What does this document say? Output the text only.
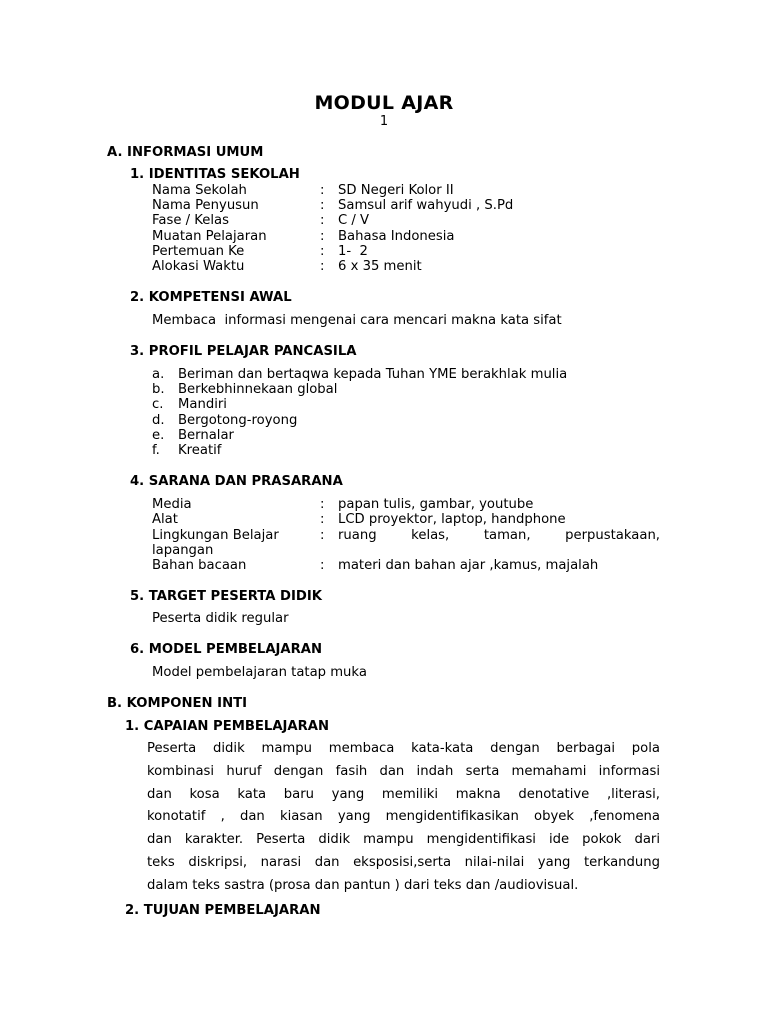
MODUL AJAR
1
A. INFORMASI UMUM
1. IDENTITAS SEKOLAH
Nama Sekolah	: SD Negeri Kolor II
Nama Penyusun	: Samsul arif wahyudi , S.Pd
Fase / Kelas	: C / V
Muatan Pelajaran	: Bahasa Indonesia
Pertemuan Ke	: 1-  2
Alokasi Waktu	: 6 x 35 menit
2. KOMPETENSI AWAL
Membaca  informasi mengenai cara mencari makna kata sifat
3. PROFIL PELAJAR PANCASILA
a. Beriman dan bertaqwa kepada Tuhan YME berakhlak mulia
b. Berkebhinnekaan global
c. Mandiri
d. Bergotong-royong
e. Bernalar
f. Kreatif
4. SARANA DAN PRASARANA
Media	: papan tulis, gambar, youtube
Alat	: LCD proyektor, laptop, handphone
Lingkungan Belajar	: ruang kelas, taman, perpustakaan,
lapangan
Bahan bacaan	: materi dan bahan ajar ,kamus, majalah
5. TARGET PESERTA DIDIK
Peserta didik regular
6. MODEL PEMBELAJARAN
Model pembelajaran tatap muka
B. KOMPONEN INTI
1. CAPAIAN PEMBELAJARAN
Peserta didik mampu membaca kata-kata dengan berbagai pola
kombinasi huruf dengan fasih dan indah serta memahami informasi
dan kosa kata baru yang memiliki makna denotative ,literasi,
konotatif , dan kiasan yang mengidentifikasikan obyek ,fenomena
dan karakter. Peserta didik mampu mengidentifikasi ide pokok dari
teks diskripsi, narasi dan eksposisi,serta nilai-nilai yang terkandung
dalam teks sastra (prosa dan pantun ) dari teks dan /audiovisual.
2. TUJUAN PEMBELAJARAN
